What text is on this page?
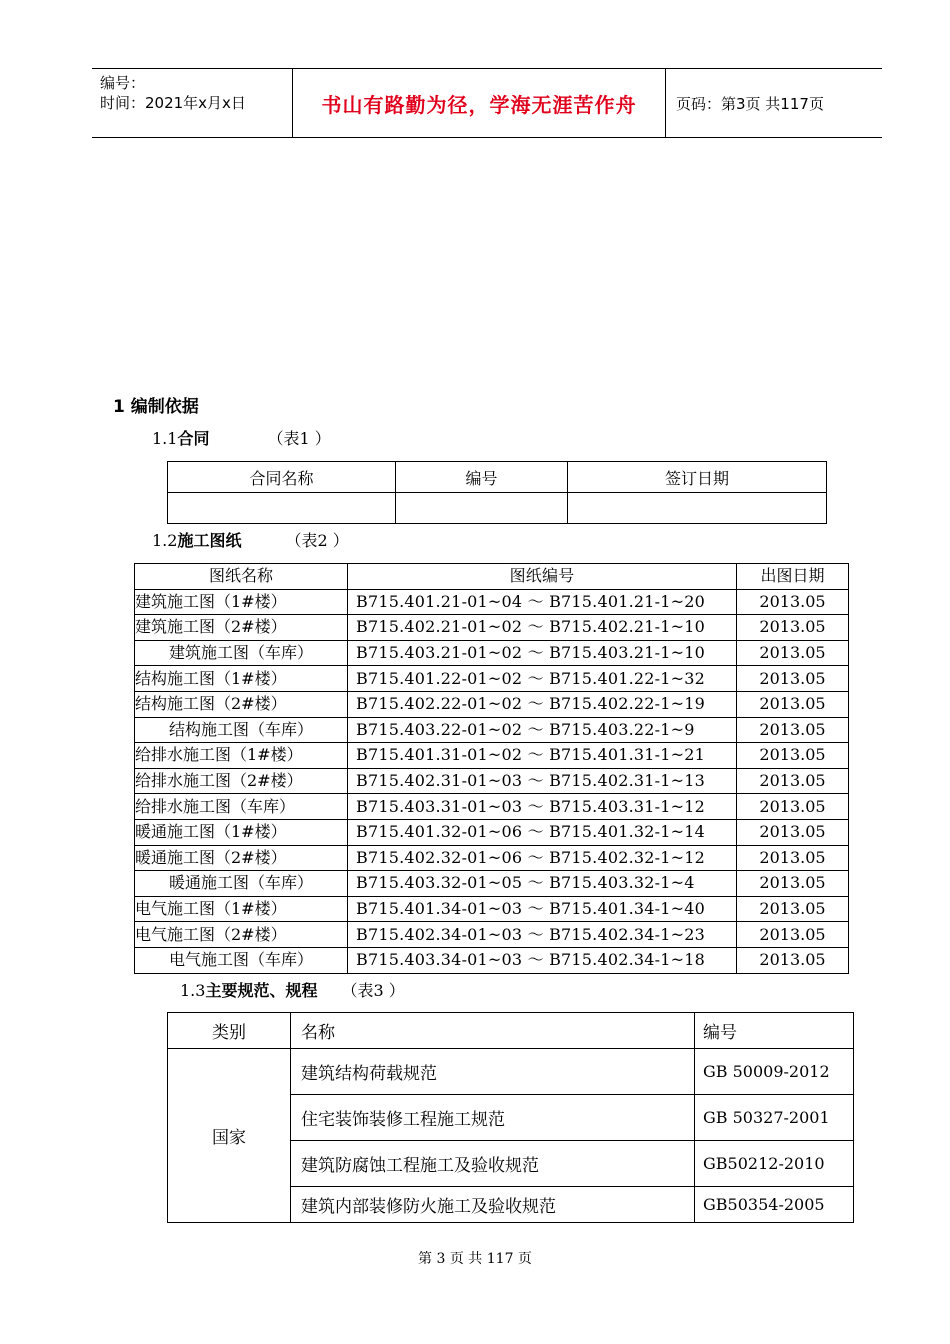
编号：
时间：2021年x月x日	书山有路勤为径，学海无涯苦作舟	页码：第3页 共117页
1 编制依据
1.1合同	（表1 ）
合同名称	编号	签订日期

1.2施工图纸	（表2 ）
图纸名称	图纸编号	出图日期
建筑施工图（1#楼）	B715.401.21-01~04 ～ B715.401.21-1~20	2013.05
建筑施工图（2#楼）	B715.402.21-01~02 ～ B715.402.21-1~10	2013.05
建筑施工图（车库）	B715.403.21-01~02 ～ B715.403.21-1~10	2013.05
结构施工图（1#楼）	B715.401.22-01~02 ～ B715.401.22-1~32	2013.05
结构施工图（2#楼）	B715.402.22-01~02 ～ B715.402.22-1~19	2013.05
结构施工图（车库）	B715.403.22-01~02 ～ B715.403.22-1~9	2013.05
给排水施工图（1#楼）	B715.401.31-01~02 ～ B715.401.31-1~21	2013.05
给排水施工图（2#楼）	B715.402.31-01~03 ～ B715.402.31-1~13	2013.05
给排水施工图（车库）	B715.403.31-01~03 ～ B715.403.31-1~12	2013.05
暖通施工图（1#楼）	B715.401.32-01~06 ～ B715.401.32-1~14	2013.05
暖通施工图（2#楼）	B715.402.32-01~06 ～ B715.402.32-1~12	2013.05
暖通施工图（车库）	B715.403.32-01~05 ～ B715.403.32-1~4	2013.05
电气施工图（1#楼）	B715.401.34-01~03 ～ B715.401.34-1~40	2013.05
电气施工图（2#楼）	B715.402.34-01~03 ～ B715.402.34-1~23	2013.05
电气施工图（车库）	B715.403.34-01~03 ～ B715.402.34-1~18	2013.05
1.3主要规范、规程 （表3 ）
类别	名称	编号
国家	建筑结构荷载规范	GB 50009-2012
	住宅装饰装修工程施工规范	GB 50327-2001
	建筑防腐蚀工程施工及验收规范	GB50212-2010
	建筑内部装修防火施工及验收规范	GB50354-2005
第 3 页 共 117 页
